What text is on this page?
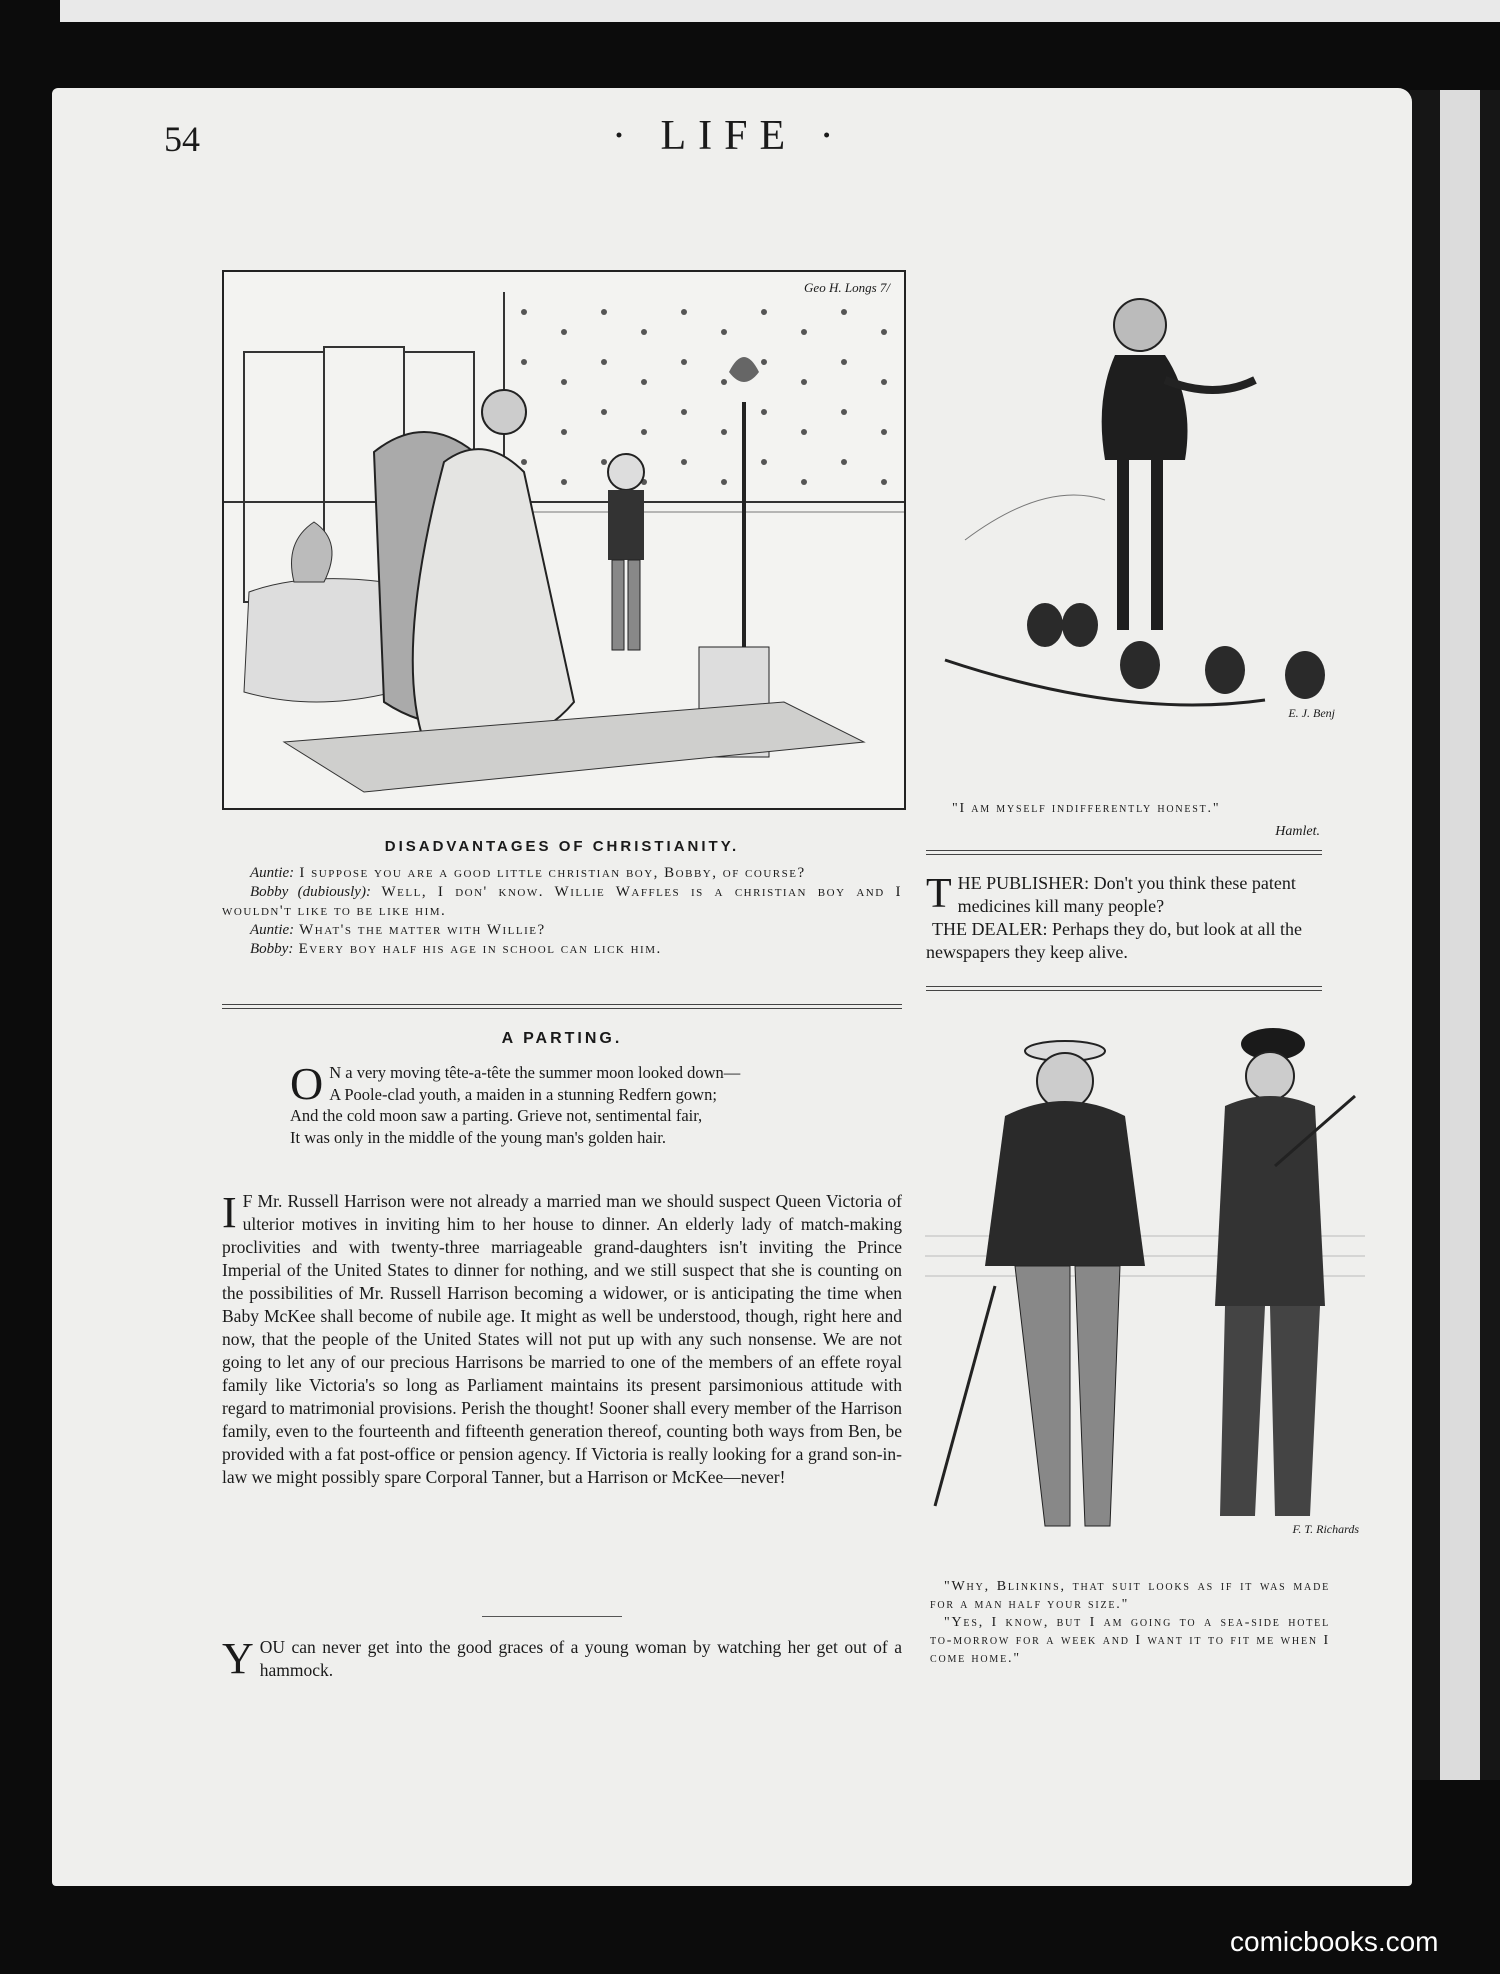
54	· LIFE ·
Geo H. Longs 7/
DISADVANTAGES OF CHRISTIANITY.
Auntie: I suppose you are a good little christian boy, Bobby, of course?
Bobby (dubiously): Well, I don' know. Willie Waffles is a christian boy and I wouldn't like to be like him.
Auntie: What's the matter with Willie?
Bobby: Every boy half his age in school can lick him.
A PARTING.
O N a very moving tête-a-tête the summer moon looked down—
A Poole-clad youth, a maiden in a stunning Redfern gown;
And the cold moon saw a parting. Grieve not, sentimental fair,
It was only in the middle of the young man's golden hair.
I F Mr. Russell Harrison were not already a married man we should suspect Queen Victoria of ulterior motives in inviting him to her house to dinner. An elderly lady of match-making proclivities and with twenty-three marriageable grand-daughters isn't inviting the Prince Imperial of the United States to dinner for nothing, and we still suspect that she is counting on the possibilities of Mr. Russell Harrison becoming a widower, or is anticipating the time when Baby McKee shall become of nubile age. It might as well be understood, though, right here and now, that the people of the United States will not put up with any such nonsense. We are not going to let any of our precious Harrisons be married to one of the members of an effete royal family like Victoria's so long as Parliament maintains its present parsimonious attitude with regard to matrimonial provisions. Perish the thought! Sooner shall every member of the Harrison family, even to the fourteenth and fifteenth generation thereof, counting both ways from Ben, be provided with a fat post-office or pension agency. If Victoria is really looking for a grand son-in-law we might possibly spare Corporal Tanner, but a Harrison or McKee—never!
YOU can never get into the good graces of a young woman by watching her get out of a hammock.
E. J. Benj
"I am myself indifferently honest."
Hamlet.
THE PUBLISHER: Don't you think these patent medicines kill many people?
THE DEALER: Perhaps they do, but look at all the newspapers they keep alive.
F. T. Richards
"Why, Blinkins, that suit looks as if it was made for a man half your size."
"Yes, I know, but I am going to a sea-side hotel to-morrow for a week and I want it to fit me when I come home."
comicbooks.com
